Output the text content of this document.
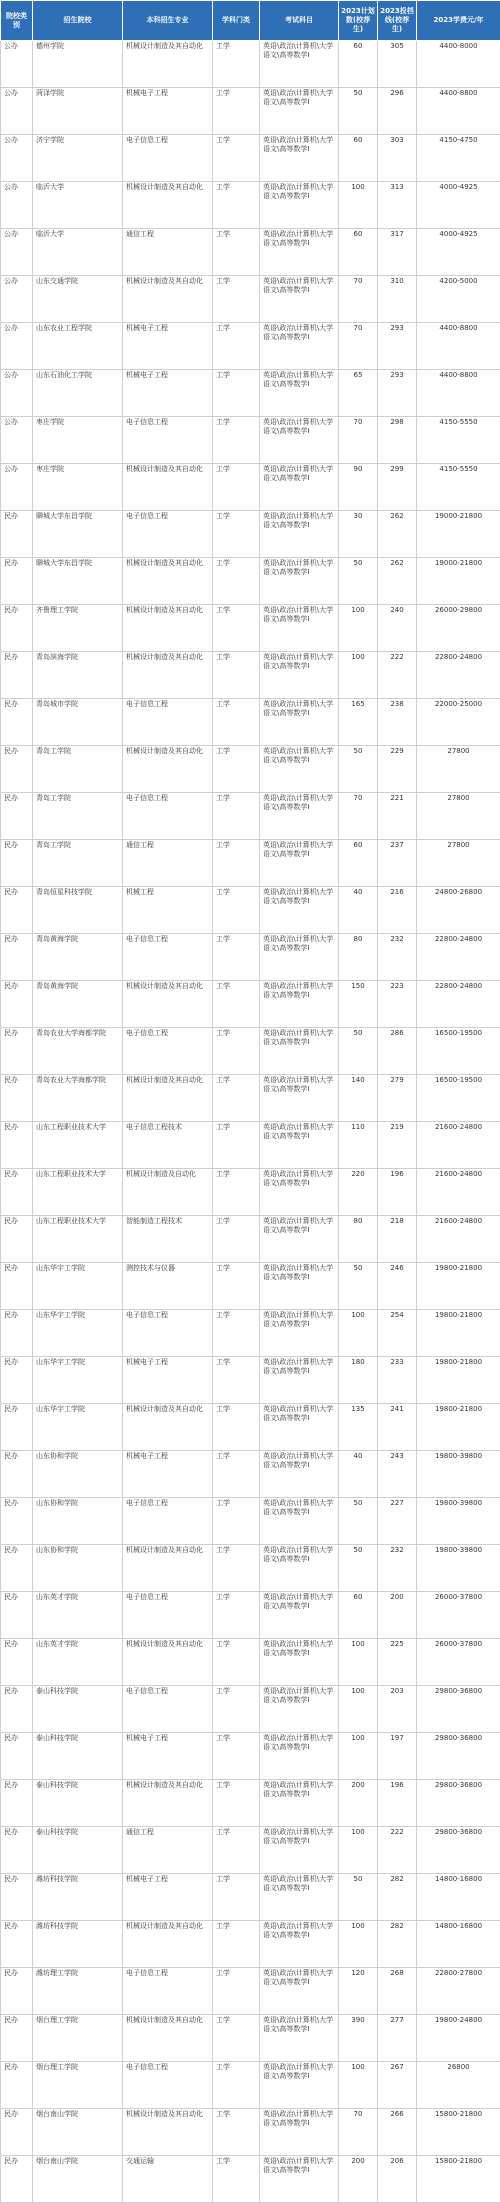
院校类别	招生院校	本科招生专业	学科门类	考试科目	2023计划数(校荐生)	2023投档线(校荐生)	2023学费元/年
公办	德州学院	机械设计制造及其自动化	工学	英语\政治\计算机\大学语文\高等数学Ⅰ	60	305	4400-8000
公办	菏泽学院	机械电子工程	工学	英语\政治\计算机\大学语文\高等数学Ⅰ	50	296	4400-8800
公办	济宁学院	电子信息工程	工学	英语\政治\计算机\大学语文\高等数学Ⅰ	60	303	4150-4750
公办	临沂大学	机械设计制造及其自动化	工学	英语\政治\计算机\大学语文\高等数学Ⅰ	100	313	4000-4925
公办	临沂大学	通信工程	工学	英语\政治\计算机\大学语文\高等数学Ⅰ	60	317	4000-4925
公办	山东交通学院	机械设计制造及其自动化	工学	英语\政治\计算机\大学语文\高等数学Ⅰ	70	310	4200-5000
公办	山东农业工程学院	机械电子工程	工学	英语\政治\计算机\大学语文\高等数学Ⅰ	70	293	4400-8800
公办	山东石油化工学院	机械电子工程	工学	英语\政治\计算机\大学语文\高等数学Ⅰ	65	293	4400-8800
公办	枣庄学院	电子信息工程	工学	英语\政治\计算机\大学语文\高等数学Ⅰ	70	298	4150-5550
公办	枣庄学院	机械设计制造及其自动化	工学	英语\政治\计算机\大学语文\高等数学Ⅰ	90	299	4150-5550
民办	聊城大学东昌学院	电子信息工程	工学	英语\政治\计算机\大学语文\高等数学Ⅰ	30	262	19000-21800
民办	聊城大学东昌学院	机械设计制造及其自动化	工学	英语\政治\计算机\大学语文\高等数学Ⅰ	50	262	19000-21800
民办	齐鲁理工学院	机械设计制造及其自动化	工学	英语\政治\计算机\大学语文\高等数学Ⅰ	100	240	26000-29800
民办	青岛滨海学院	机械设计制造及其自动化	工学	英语\政治\计算机\大学语文\高等数学Ⅰ	100	222	22800-24800
民办	青岛城市学院	电子信息工程	工学	英语\政治\计算机\大学语文\高等数学Ⅰ	165	238	22000-25000
民办	青岛工学院	机械设计制造及其自动化	工学	英语\政治\计算机\大学语文\高等数学Ⅰ	50	229	27800
民办	青岛工学院	电子信息工程	工学	英语\政治\计算机\大学语文\高等数学Ⅰ	70	221	27800
民办	青岛工学院	通信工程	工学	英语\政治\计算机\大学语文\高等数学Ⅰ	60	237	27800
民办	青岛恒星科技学院	机械工程	工学	英语\政治\计算机\大学语文\高等数学Ⅰ	40	216	24800-26800
民办	青岛黄海学院	电子信息工程	工学	英语\政治\计算机\大学语文\高等数学Ⅰ	80	232	22800-24800
民办	青岛黄海学院	机械设计制造及其自动化	工学	英语\政治\计算机\大学语文\高等数学Ⅰ	150	223	22800-24800
民办	青岛农业大学海都学院	电子信息工程	工学	英语\政治\计算机\大学语文\高等数学Ⅰ	50	286	16500-19500
民办	青岛农业大学海都学院	机械设计制造及其自动化	工学	英语\政治\计算机\大学语文\高等数学Ⅰ	140	279	16500-19500
民办	山东工程职业技术大学	电子信息工程技术	工学	英语\政治\计算机\大学语文\高等数学Ⅰ	110	219	21600-24800
民办	山东工程职业技术大学	机械设计制造及自动化	工学	英语\政治\计算机\大学语文\高等数学Ⅰ	220	196	21600-24800
民办	山东工程职业技术大学	智能制造工程技术	工学	英语\政治\计算机\大学语文\高等数学Ⅰ	80	218	21600-24800
民办	山东华宇工学院	测控技术与仪器	工学	英语\政治\计算机\大学语文\高等数学Ⅰ	50	246	19800-21800
民办	山东华宇工学院	电子信息工程	工学	英语\政治\计算机\大学语文\高等数学Ⅰ	100	254	19800-21800
民办	山东华宇工学院	机械电子工程	工学	英语\政治\计算机\大学语文\高等数学Ⅰ	180	233	19800-21800
民办	山东华宇工学院	机械设计制造及其自动化	工学	英语\政治\计算机\大学语文\高等数学Ⅰ	135	241	19800-21800
民办	山东协和学院	机械电子工程	工学	英语\政治\计算机\大学语文\高等数学Ⅰ	40	243	19800-39800
民办	山东协和学院	电子信息工程	工学	英语\政治\计算机\大学语文\高等数学Ⅰ	50	227	19800-39800
民办	山东协和学院	机械设计制造及其自动化	工学	英语\政治\计算机\大学语文\高等数学Ⅰ	50	232	19800-39800
民办	山东英才学院	电子信息工程	工学	英语\政治\计算机\大学语文\高等数学Ⅰ	60	200	26000-37800
民办	山东英才学院	机械设计制造及其自动化	工学	英语\政治\计算机\大学语文\高等数学Ⅰ	100	225	26000-37800
民办	泰山科技学院	电子信息工程	工学	英语\政治\计算机\大学语文\高等数学Ⅰ	100	203	29800-36800
民办	泰山科技学院	机械电子工程	工学	英语\政治\计算机\大学语文\高等数学Ⅰ	100	197	29800-36800
民办	泰山科技学院	机械设计制造及其自动化	工学	英语\政治\计算机\大学语文\高等数学Ⅰ	200	196	29800-36800
民办	泰山科技学院	通信工程	工学	英语\政治\计算机\大学语文\高等数学Ⅰ	100	222	29800-36800
民办	潍坊科技学院	机械电子工程	工学	英语\政治\计算机\大学语文\高等数学Ⅰ	50	282	14800-16800
民办	潍坊科技学院	机械设计制造及其自动化	工学	英语\政治\计算机\大学语文\高等数学Ⅰ	100	282	14800-16800
民办	潍坊理工学院	电子信息工程	工学	英语\政治\计算机\大学语文\高等数学Ⅰ	120	268	22800-27800
民办	烟台理工学院	机械设计制造及其自动化	工学	英语\政治\计算机\大学语文\高等数学Ⅰ	390	277	19800-24800
民办	烟台理工学院	电子信息工程	工学	英语\政治\计算机\大学语文\高等数学Ⅰ	100	267	26800
民办	烟台南山学院	机械设计制造及其自动化	工学	英语\政治\计算机\大学语文\高等数学Ⅰ	70	266	15800-21800
民办	烟台南山学院	交通运输	工学	英语\政治\计算机\大学语文\高等数学Ⅰ	200	206	15800-21800
